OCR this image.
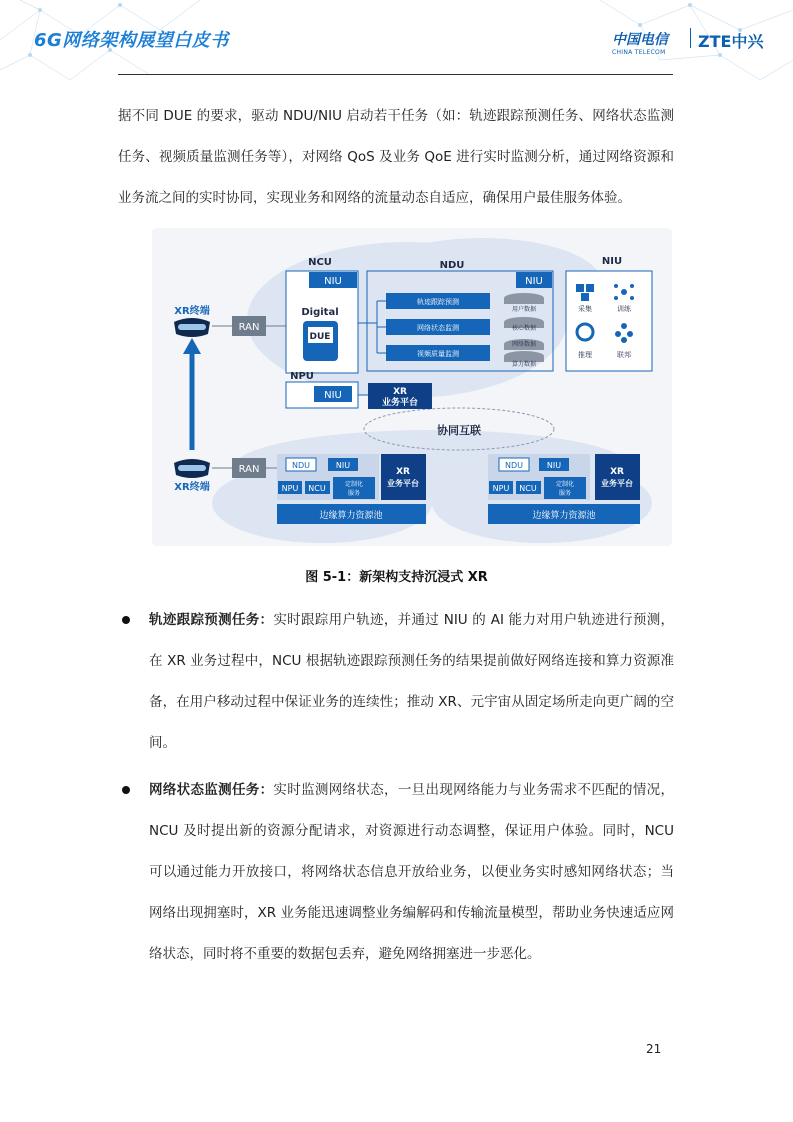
6G网络架构展望白皮书	中国电信
CHINA TELECOM
ZTE中兴

据不同 DUE 的要求，驱动 NDU/NIU 启动若干任务（如：轨迹跟踪预测任务、网络状态监测任务、视频质量监测任务等），对网络 QoS 及业务 QoE 进行实时监测分析，通过网络资源和业务流之间的实时协同，实现业务和网络的流量动态自适应，确保用户最佳服务体验。

协同互联
XR终端
XR终端
RAN
RAN
NCU
NIU
Digital
DUE
NPU
NIU	XR
业务平台
NDU
NIU
轨迹跟踪预测
网络状态监测
视频质量监测
用户数据
核心数据
网络数据
算力数据
NIU
采集	训练
推理	联邦
NDU	NIU
NPU NCU	定制化
服务
XR
业务平台
边缘算力资源池
NDU	NIU
NPU NCU	定制化
服务
XR
业务平台
边缘算力资源池
图 5-1：新架构支持沉浸式 XR
轨迹跟踪预测任务：实时跟踪用户轨迹，并通过 NIU 的 AI 能力对用户轨迹进行预测，在 XR 业务过程中，NCU 根据轨迹跟踪预测任务的结果提前做好网络连接和算力资源准备，在用户移动过程中保证业务的连续性；推动 XR、元宇宙从固定场所走向更广阔的空间。
网络状态监测任务：实时监测网络状态，一旦出现网络能力与业务需求不匹配的情况，NCU 及时提出新的资源分配请求，对资源进行动态调整，保证用户体验。同时，NCU 可以通过能力开放接口，将网络状态信息开放给业务，以便业务实时感知网络状态；当网络出现拥塞时，XR 业务能迅速调整业务编解码和传输流量模型，帮助业务快速适应网络状态，同时将不重要的数据包丢弃，避免网络拥塞进一步恶化。
21
